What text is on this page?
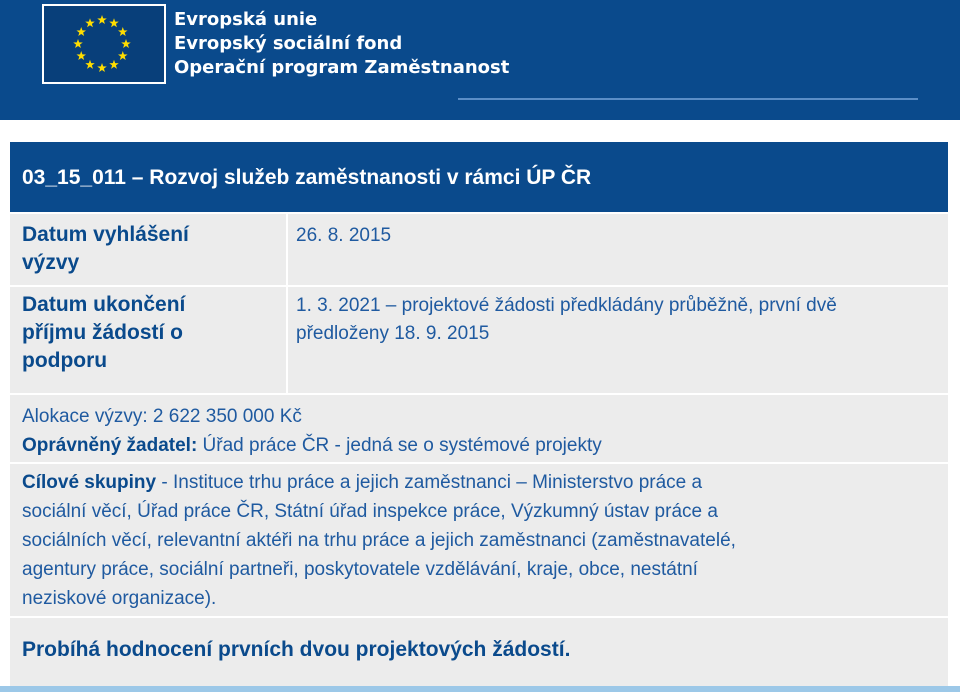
Evropská unie
Evropský sociální fond
Operační program Zaměstnanost
03_15_011 – Rozvoj služeb zaměstnanosti v rámci ÚP ČR
Datum vyhlášení
výzvy
26. 8. 2015
Datum ukončení
příjmu žádostí o
podporu
1. 3. 2021 – projektové žádosti předkládány průběžně, první dvě
předloženy 18. 9. 2015
Alokace výzvy: 2 622 350 000 Kč
Oprávněný žadatel: Úřad práce ČR - jedná se o systémové projekty
Cílové skupiny - Instituce trhu práce a jejich zaměstnanci – Ministerstvo práce a
sociální věcí, Úřad práce ČR, Státní úřad inspekce práce, Výzkumný ústav práce a
sociálních věcí, relevantní aktéři na trhu práce a jejich zaměstnanci (zaměstnavatelé,
agentury práce, sociální partneři, poskytovatele vzdělávání, kraje, obce, nestátní
neziskové organizace).
Probíhá hodnocení prvních dvou projektových žádostí.
